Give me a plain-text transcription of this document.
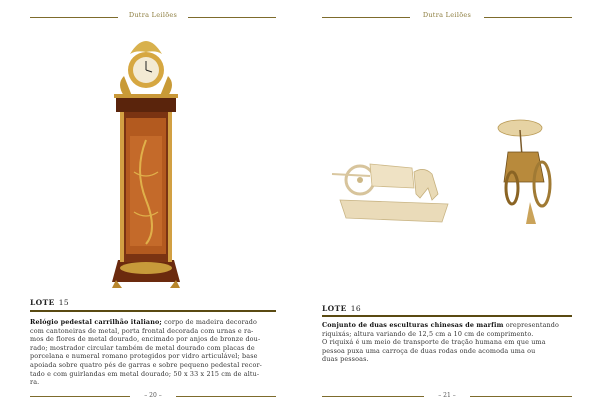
Dutra Leilões
LOTE 15
Relógio pedestal carrilhão italiano; corpo de madeira decorado
com cantoneiras de metal, porta frontal decorada com urnas e ra-
mos de flores de metal dourado, encimado por anjos de bronze dou-
rado; mostrador circular também de metal dourado com placas de
porcelana e numeral romano protegidos por vidro articulável; base
apoiada sobre quatro pés de garras e sobre pequeno pedestal recor-
tado e com guirlandas em metal dourado; 50 x 33 x 215 cm de altu-
ra.
– 20 –
Dutra Leilões
LOTE 16
Conjunto de duas esculturas chinesas de marfim orepresentando
riquixás; altura variando de 12,5 cm a 10 cm de comprimento.
O riquixá é um meio de transporte de tração humana em que uma
pessoa puxa uma carroça de duas rodas onde acomoda uma ou
duas pessoas.
– 21 –
